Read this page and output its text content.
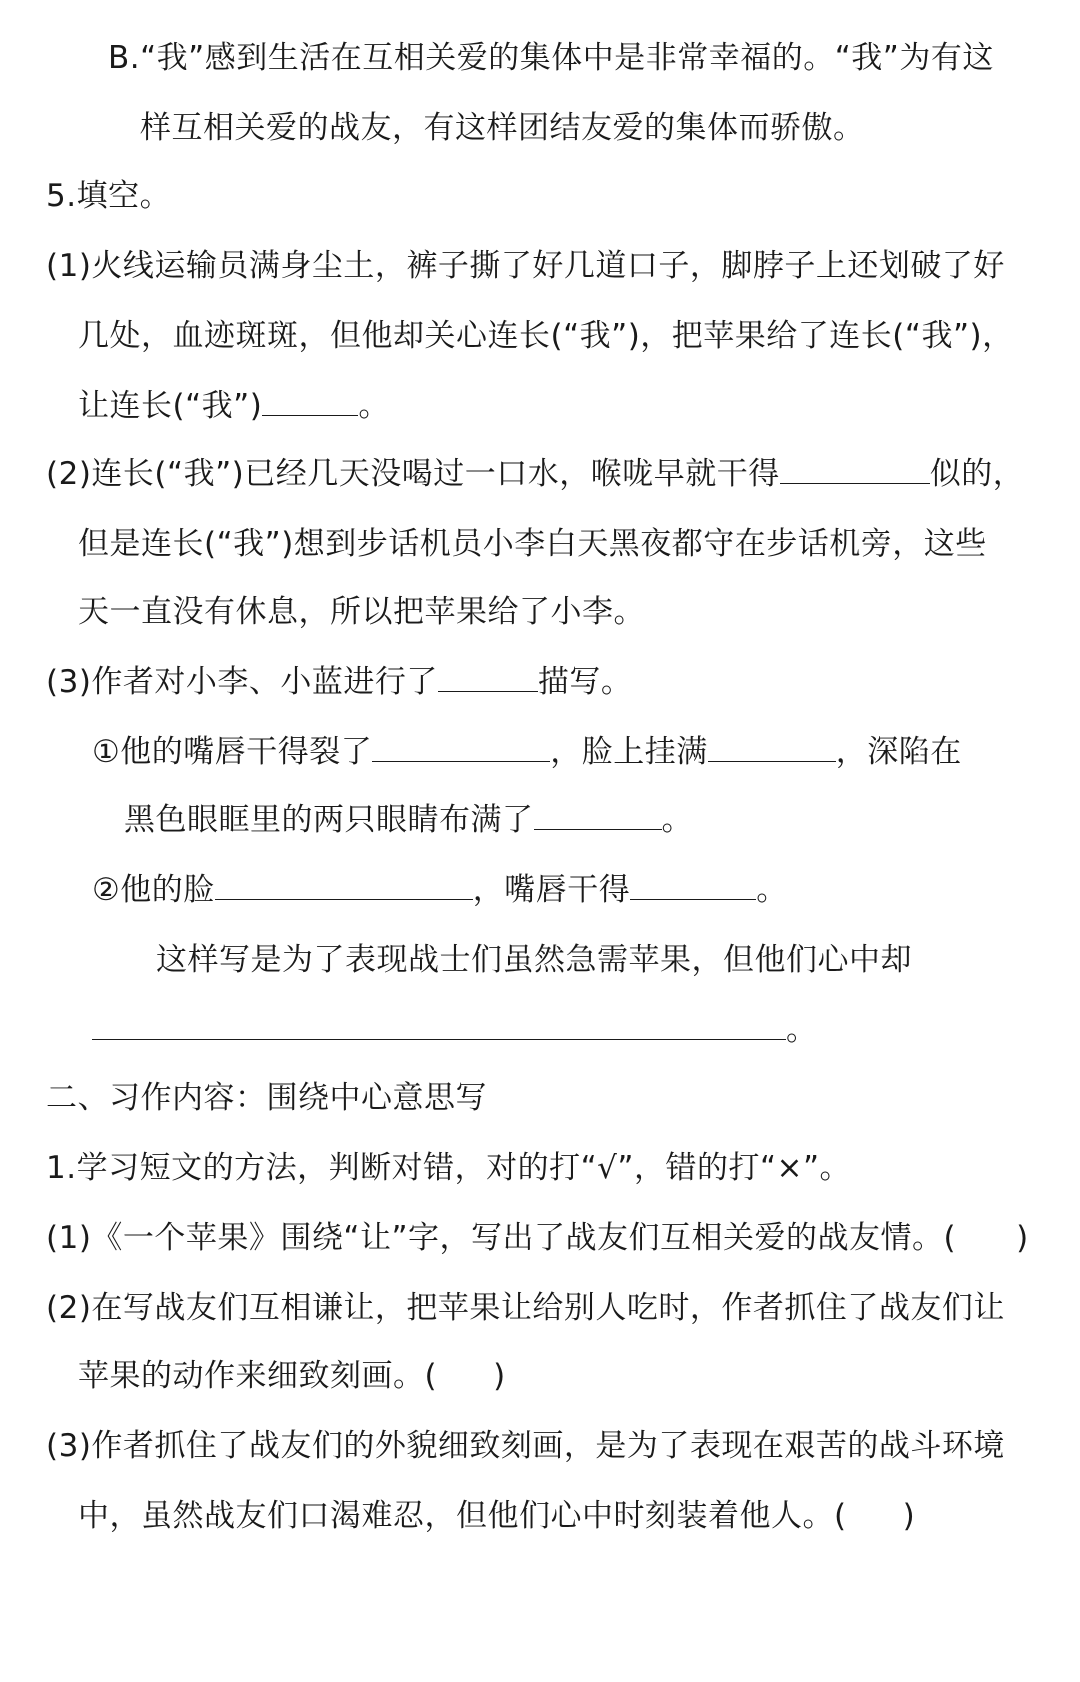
B.“我”感到生活在互相关爱的集体中是非常幸福的。“我”为有这
样互相关爱的战友，有这样团结友爱的集体而骄傲。
5.填空。
(1)火线运输员满身尘土，裤子撕了好几道口子，脚脖子上还划破了好
几处，血迹斑斑，但他却关心连长(“我”)，把苹果给了连长(“我”)，
让连长(“我”)	。
(2)连长(“我”)已经几天没喝过一口水，喉咙早就干得	似的，
但是连长(“我”)想到步话机员小李白天黑夜都守在步话机旁，这些
天一直没有休息，所以把苹果给了小李。
(3)作者对小李、小蓝进行了	描写。
①他的嘴唇干得裂了	，脸上挂满	，深陷在
黑色眼眶里的两只眼睛布满了	。
②他的脸	，嘴唇干得	。
这样写是为了表现战士们虽然急需苹果，但他们心中却
。
二、习作内容：围绕中心意思写
1.学习短文的方法，判断对错，对的打“√”，错的打“×”。
(1)《一个苹果》围绕“让”字，写出了战友们互相关爱的战友情。( )
(2)在写战友们互相谦让，把苹果让给别人吃时，作者抓住了战友们让
苹果的动作来细致刻画。( )
(3)作者抓住了战友们的外貌细致刻画，是为了表现在艰苦的战斗环境
中，虽然战友们口渴难忍，但他们心中时刻装着他人。( )
